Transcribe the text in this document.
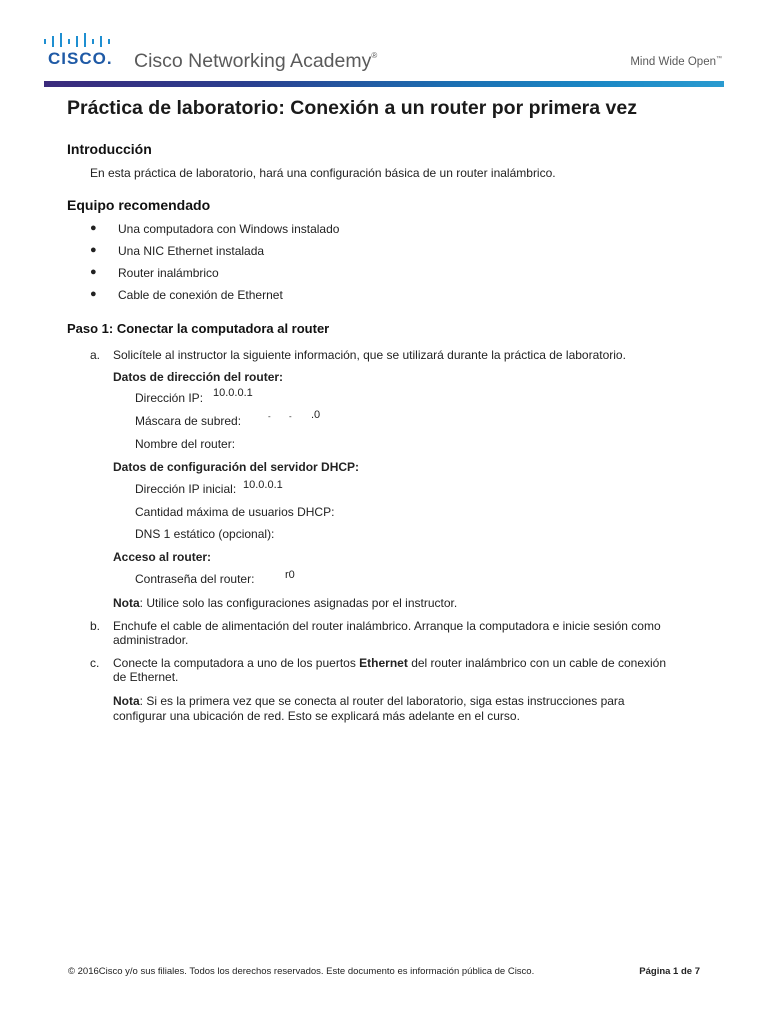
CISCO. Cisco Networking Academy®
Mind Wide Open™
Práctica de laboratorio: Conexión a un router por primera vez
Introducción
En esta práctica de laboratorio, hará una configuración básica de un router inalámbrico.
Equipo recomendado
● Una computadora con Windows instalado
● Una NIC Ethernet instalada
● Router inalámbrico
● Cable de conexión de Ethernet
Paso 1: Conectar la computadora al router
a. Solicítele al instructor la siguiente información, que se utilizará durante la práctica de laboratorio.
Datos de dirección del router:
Dirección IP: 10.0.0.1
Máscara de subred:	- - .0
Nombre del router:
Datos de configuración del servidor DHCP:
Dirección IP inicial: 10.0.0.1
Cantidad máxima de usuarios DHCP:
DNS 1 estático (opcional):
Acceso al router:
Contraseña del router:	r0
Nota: Utilice solo las configuraciones asignadas por el instructor.
b. Enchufe el cable de alimentación del router inalámbrico. Arranque la computadora e inicie sesión como
administrador.
c. Conecte la computadora a uno de los puertos Ethernet del router inalámbrico con un cable de conexión
de Ethernet.
Nota: Si es la primera vez que se conecta al router del laboratorio, siga estas instrucciones para
configurar una ubicación de red. Esto se explicará más adelante en el curso.
© 2016Cisco y/o sus filiales. Todos los derechos reservados. Este documento es información pública de Cisco.	Página 1 de 7
